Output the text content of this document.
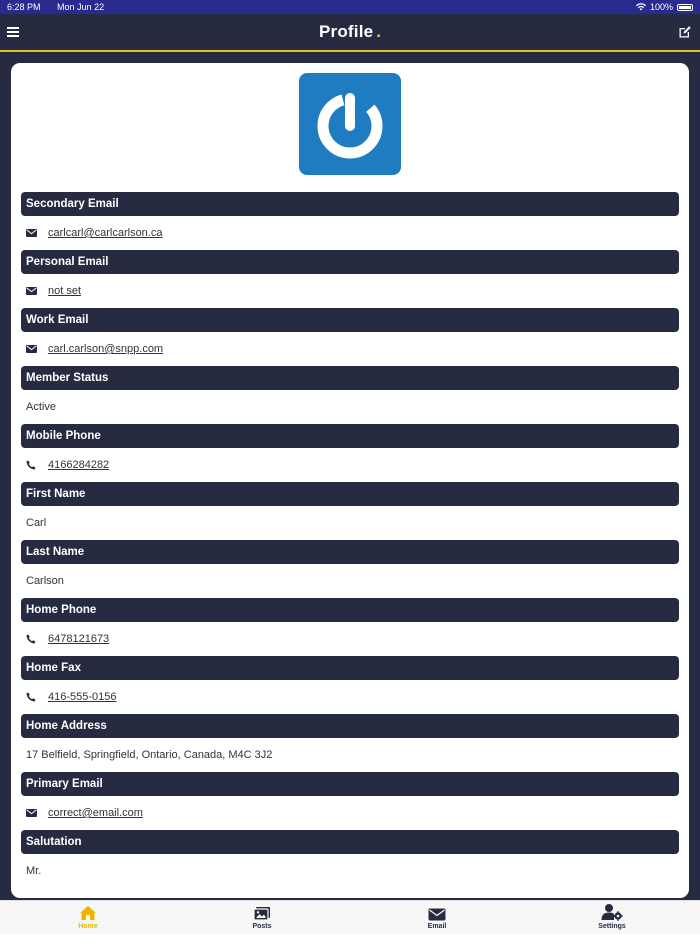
6:28 PM Mon Jun 22	100%
Profile .
Secondary Email
carlcarl@carlcarlson.ca
Personal Email
not set
Work Email
carl.carlson@snpp.com
Member Status
Active
Mobile Phone
4166284282
First Name
Carl
Last Name
Carlson
Home Phone
6478121673
Home Fax
416-555-0156
Home Address
17 Belfield, Springfield, Ontario, Canada, M4C 3J2
Primary Email
correct@email.com
Salutation
Mr.
Home	Posts	Email	Settings
